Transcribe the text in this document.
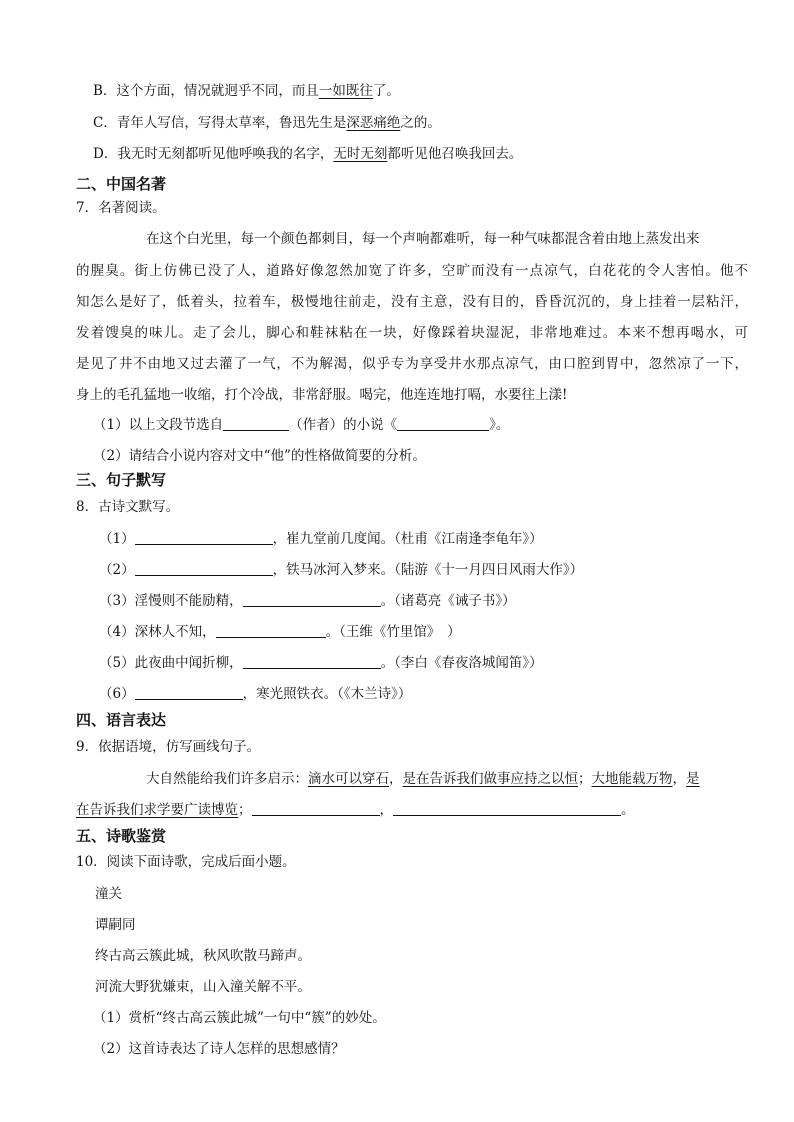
B．这个方面，情况就迥乎不同，而且一如既往了。
C．青年人写信，写得太草率，鲁迅先生是深恶痛绝之的。
D．我无时无刻都听见他呼唤我的名字，无时无刻都听见他召唤我回去。
二、中国名著
7．名著阅读。
在这个白光里，每一个颜色都刺目，每一个声响都难听，每一种气味都混含着由地上蒸发出来
的腥臭。街上仿佛已没了人，道路好像忽然加宽了许多，空旷而没有一点凉气，白花花的令人害怕。他不
知怎么是好了，低着头，拉着车，极慢地往前走，没有主意，没有目的，昏昏沉沉的，身上挂着一层粘汗，
发着馊臭的味儿。走了会儿，脚心和鞋袜粘在一块，好像踩着块湿泥，非常地难过。本来不想再喝水，可
是见了井不由地又过去灌了一气，不为解渴，似乎专为享受井水那点凉气，由口腔到胃中，忽然凉了一下，
身上的毛孔猛地一收缩，打个冷战，非常舒服。喝完，他连连地打嗝，水要往上漾!
（1）以上文段节选自	（作者）的小说《	》。
（2）请结合小说内容对文中“他”的性格做简要的分析。
三、句子默写
8．古诗文默写。
（1）	，崔九堂前几度闻。（杜甫《江南逢李龟年》）
（2）	，铁马冰河入梦来。（陆游《十一月四日风雨大作》）
（3）淫慢则不能励精，	。（诸葛亮《诫子书》）
（4）深林人不知，	。（王维《竹里馆》　）
（5）此夜曲中闻折柳，	。（李白《春夜洛城闻笛》）
（6）	，寒光照铁衣。（《木兰诗》）
四、语言表达
9．依据语境，仿写画线句子。
大自然能给我们许多启示：滴水可以穿石，是在告诉我们做事应持之以恒；大地能载万物，是
在告诉我们求学要广读博览；	，	。
五、诗歌鉴赏
10．阅读下面诗歌，完成后面小题。
潼关
谭嗣同
终古高云簇此城，秋风吹散马蹄声。
河流大野犹嫌束，山入潼关解不平。
（1）赏析“终古高云簇此城”一句中“簇”的妙处。
（2）这首诗表达了诗人怎样的思想感情？
